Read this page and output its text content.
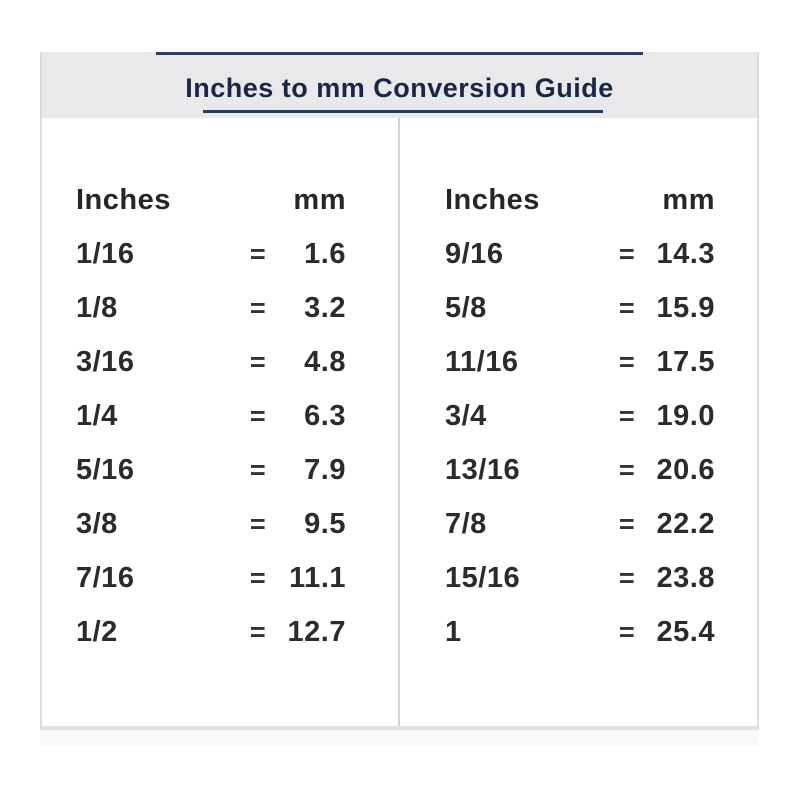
Inches to mm Conversion Guide
Inches	mm
1/16	=	1.6
1/8	=	3.2
3/16	=	4.8
1/4	=	6.3
5/16	=	7.9
3/8	=	9.5
7/16	= 11.1
1/2	= 12.7
Inches	mm
9/16	= 14.3
5/8	= 15.9
11/16	= 17.5
3/4	= 19.0
13/16	= 20.6
7/8	= 22.2
15/16	= 23.8
1	= 25.4
